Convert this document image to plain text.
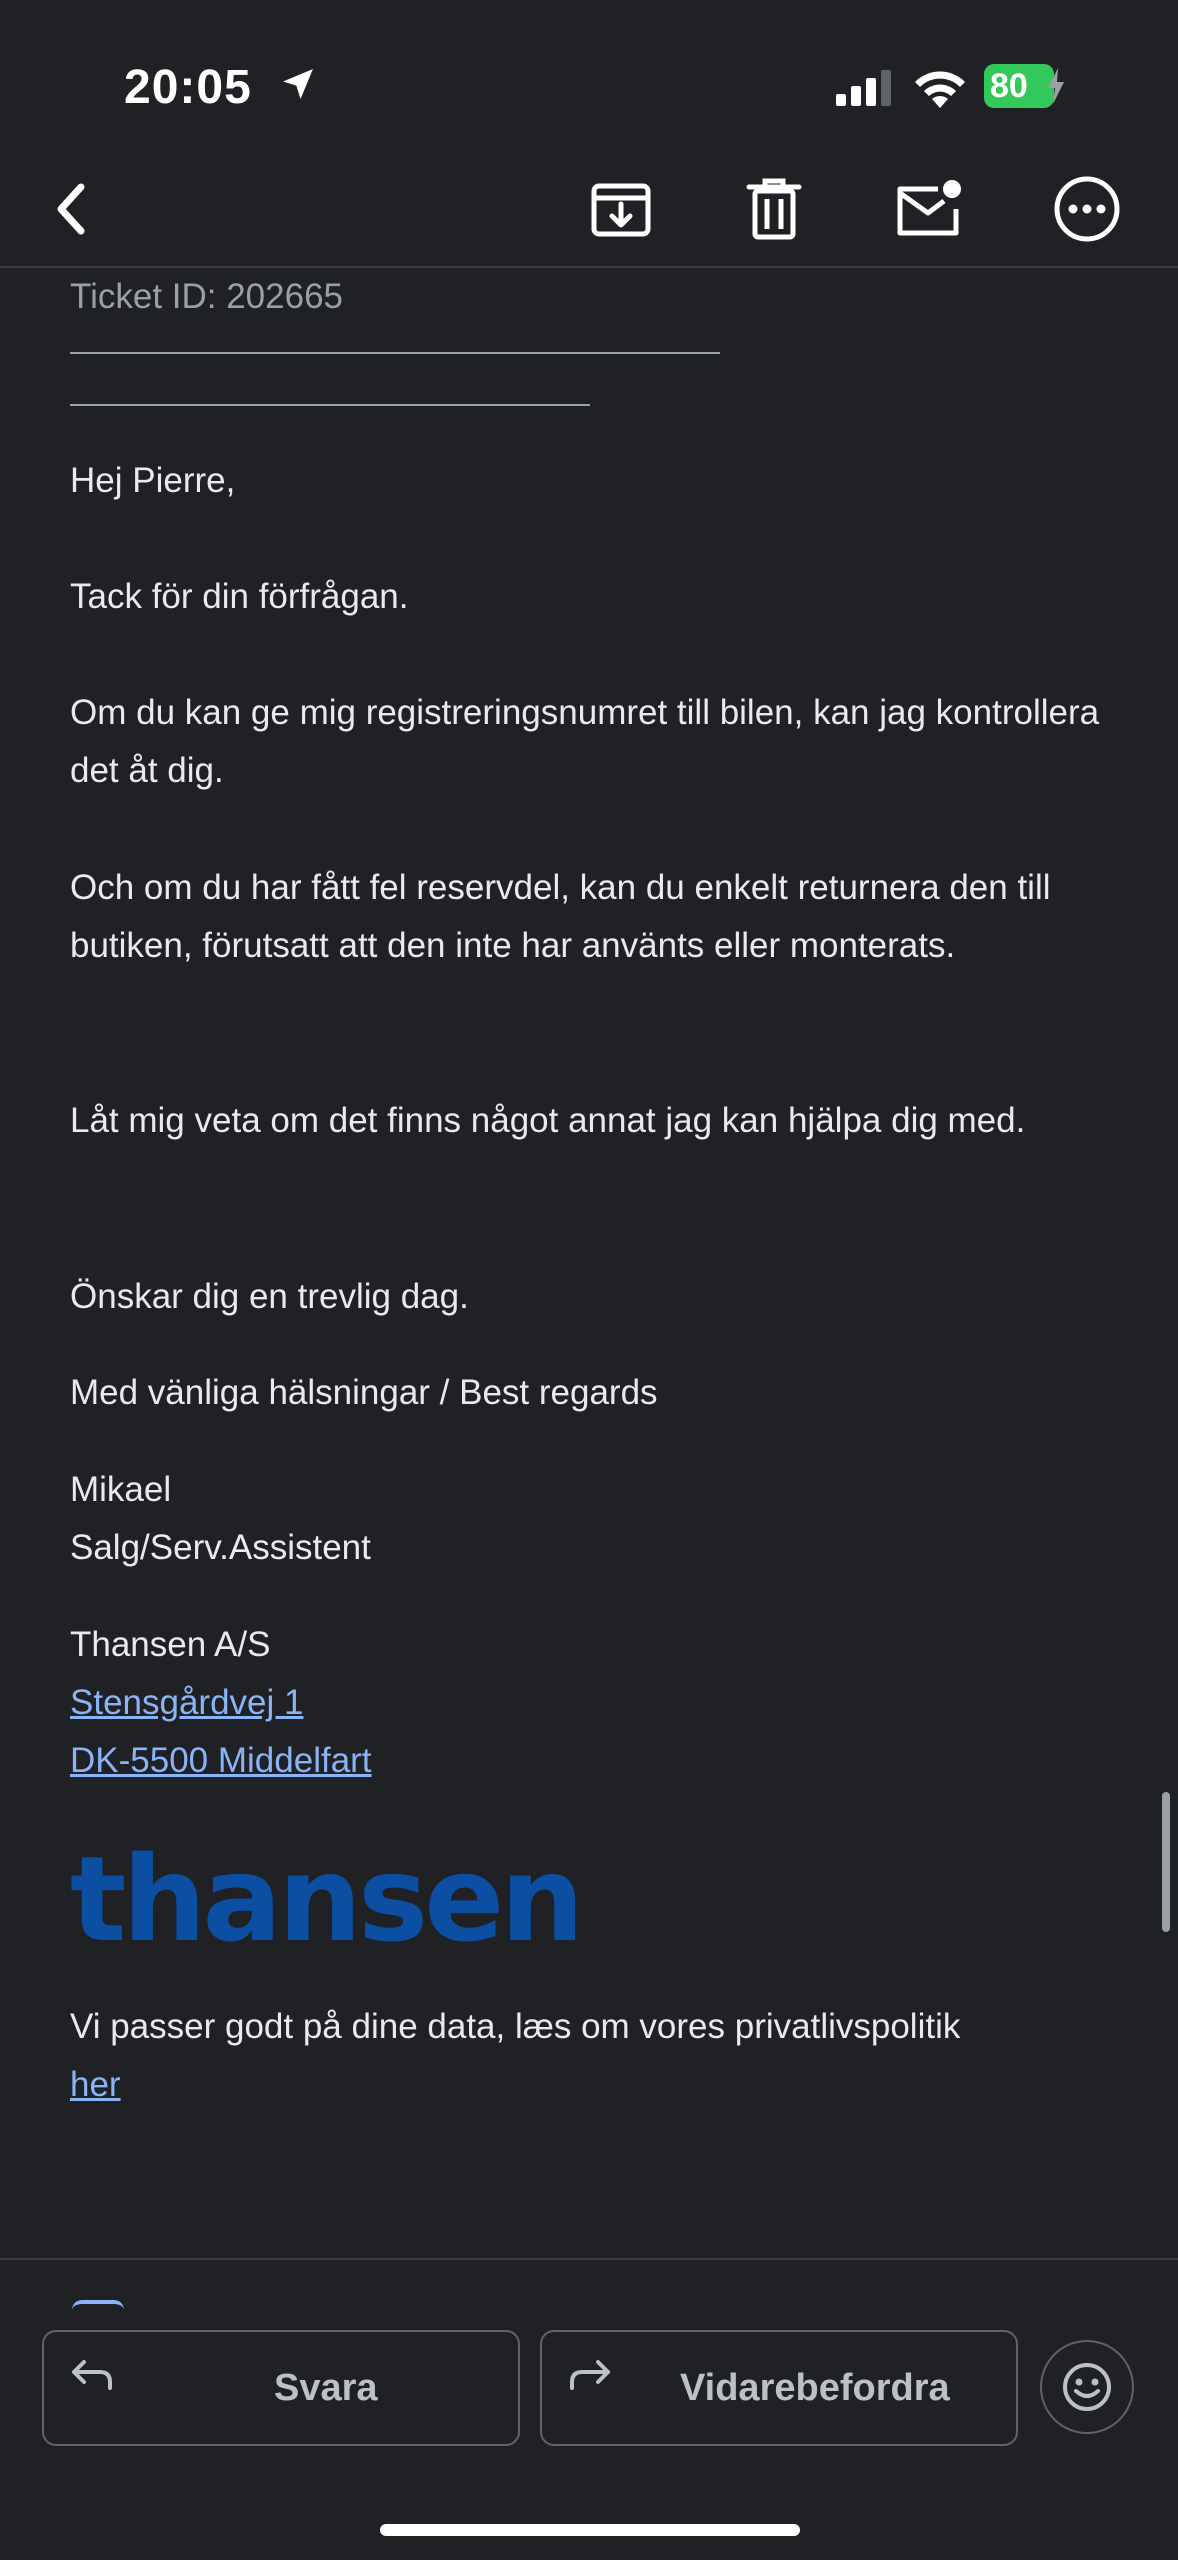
20:05	80
Ticket ID: 202665
Hej Pierre,
Tack för din förfrågan.
Om du kan ge mig registreringsnumret till bilen, kan jag kontrollera det åt dig.
Och om du har fått fel reservdel, kan du enkelt returnera den till butiken, förutsatt att den inte har använts eller monterats.
Låt mig veta om det finns något annat jag kan hjälpa dig med.
Önskar dig en trevlig dag.
Med vänliga hälsningar / Best regards
Mikael
Salg/Serv.Assistent
Thansen A/S
Stensgårdvej 1
DK-5500 Middelfart
thansen
Vi passer godt på dine data, læs om vores privatlivspolitik
her
Svara	Vidarebefordra
